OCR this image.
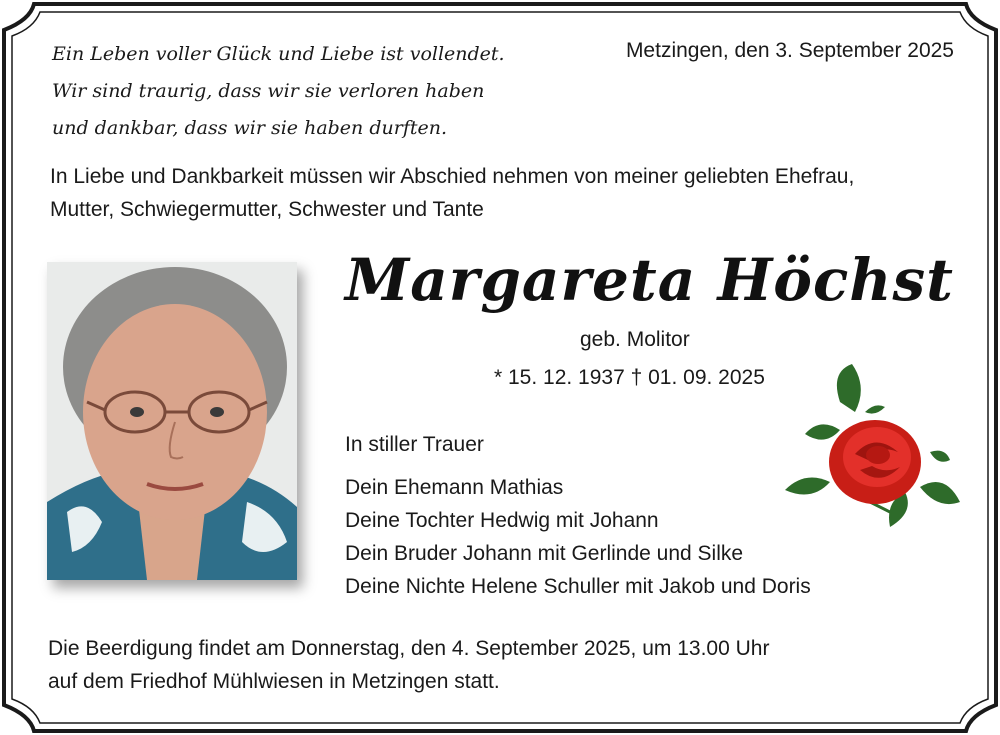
Ein Leben voller Glück und Liebe ist vollendet.
Wir sind traurig, dass wir sie verloren haben
und dankbar, dass wir sie haben durften.
Metzingen, den 3. September 2025
In Liebe und Dankbarkeit müssen wir Abschied nehmen von meiner geliebten Ehefrau,
Mutter, Schwiegermutter, Schwester und Tante
Margareta Höchst
geb. Molitor
* 15. 12. 1937 † 01. 09. 2025
In stiller Trauer
Dein Ehemann Mathias
Deine Tochter Hedwig mit Johann
Dein Bruder Johann mit Gerlinde und Silke
Deine Nichte Helene Schuller mit Jakob und Doris
Die Beerdigung findet am Donnerstag, den 4. September 2025, um 13.00 Uhr
auf dem Friedhof Mühlwiesen in Metzingen statt.
